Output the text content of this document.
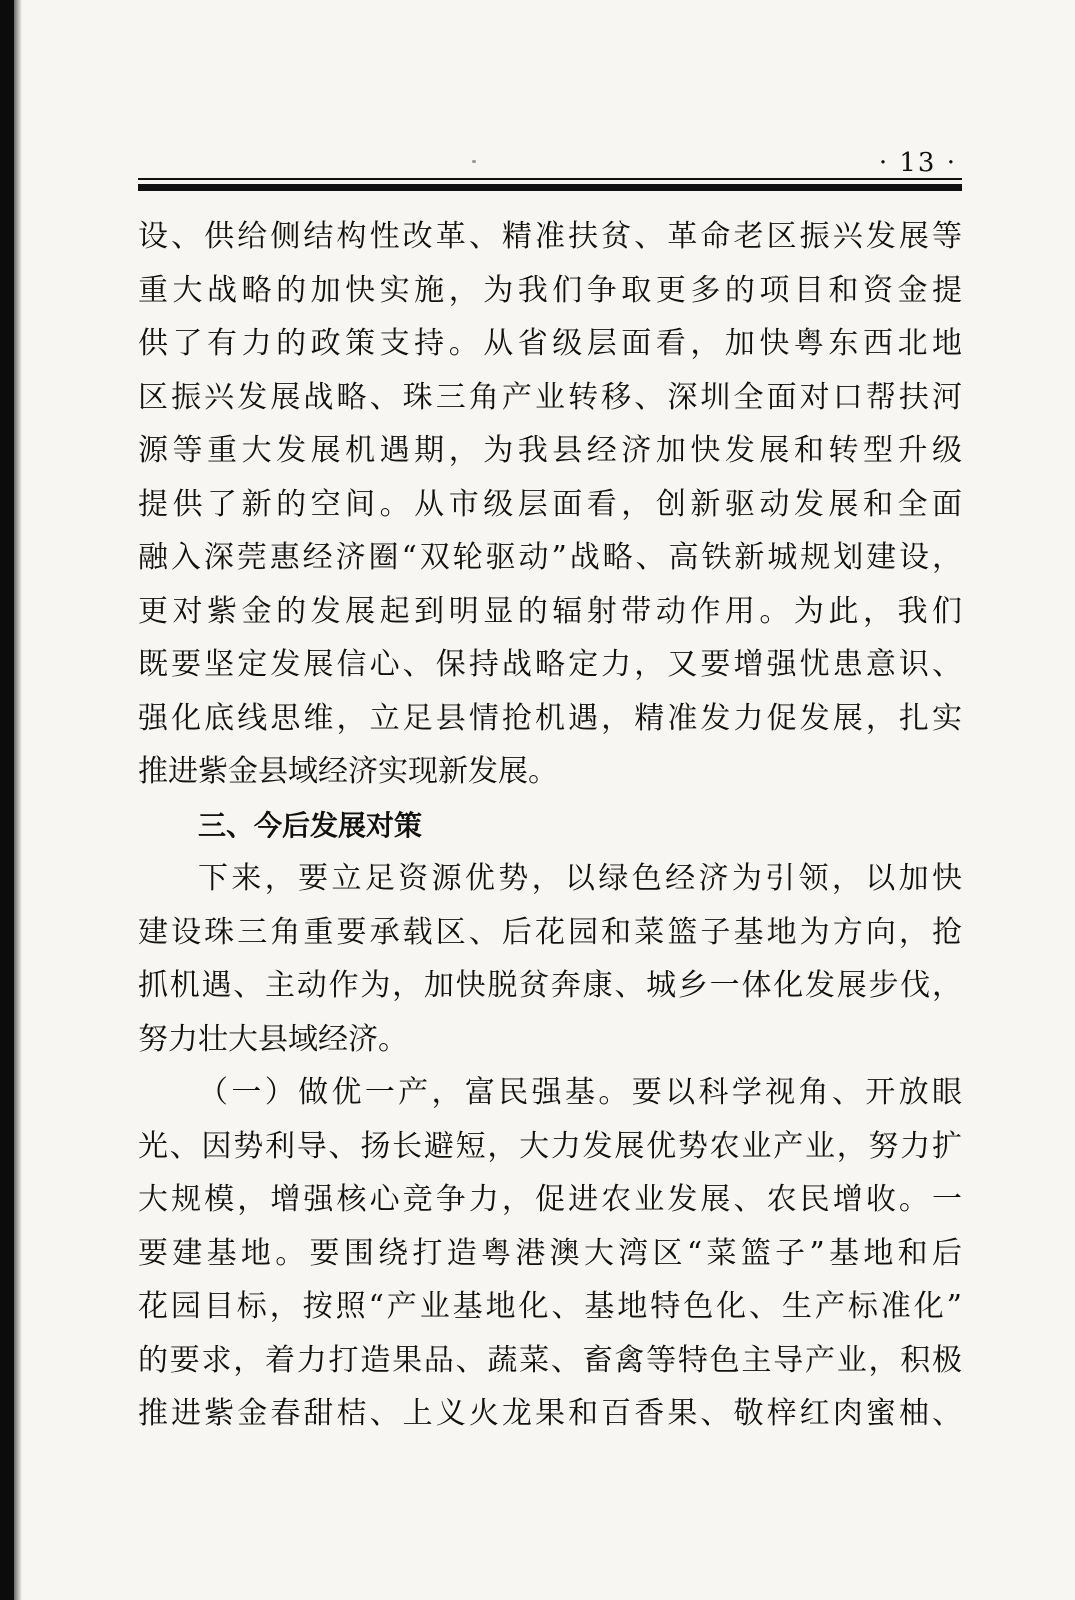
· 13 ·
设、供给侧结构性改革、精准扶贫、革命老区振兴发展等
重大战略的加快实施，为我们争取更多的项目和资金提
供了有力的政策支持。从省级层面看，加快粤东西北地
区振兴发展战略、珠三角产业转移、深圳全面对口帮扶河
源等重大发展机遇期，为我县经济加快发展和转型升级
提供了新的空间。从市级层面看，创新驱动发展和全面
融入深莞惠经济圈“双轮驱动”战略、高铁新城规划建设，
更对紫金的发展起到明显的辐射带动作用。为此，我们
既要坚定发展信心、保持战略定力，又要增强忧患意识、
强化底线思维，立足县情抢机遇，精准发力促发展，扎实
推进紫金县域经济实现新发展。
三、今后发展对策
下来，要立足资源优势，以绿色经济为引领，以加快
建设珠三角重要承载区、后花园和菜篮子基地为方向，抢
抓机遇、主动作为，加快脱贫奔康、城乡一体化发展步伐，
努力壮大县域经济。
（一）做优一产，富民强基。要以科学视角、开放眼
光、因势利导、扬长避短，大力发展优势农业产业，努力扩
大规模，增强核心竞争力，促进农业发展、农民增收。一
要建基地。要围绕打造粤港澳大湾区“菜篮子”基地和后
花园目标，按照“产业基地化、基地特色化、生产标准化”
的要求，着力打造果品、蔬菜、畜禽等特色主导产业，积极
推进紫金春甜桔、上义火龙果和百香果、敬梓红肉蜜柚、
